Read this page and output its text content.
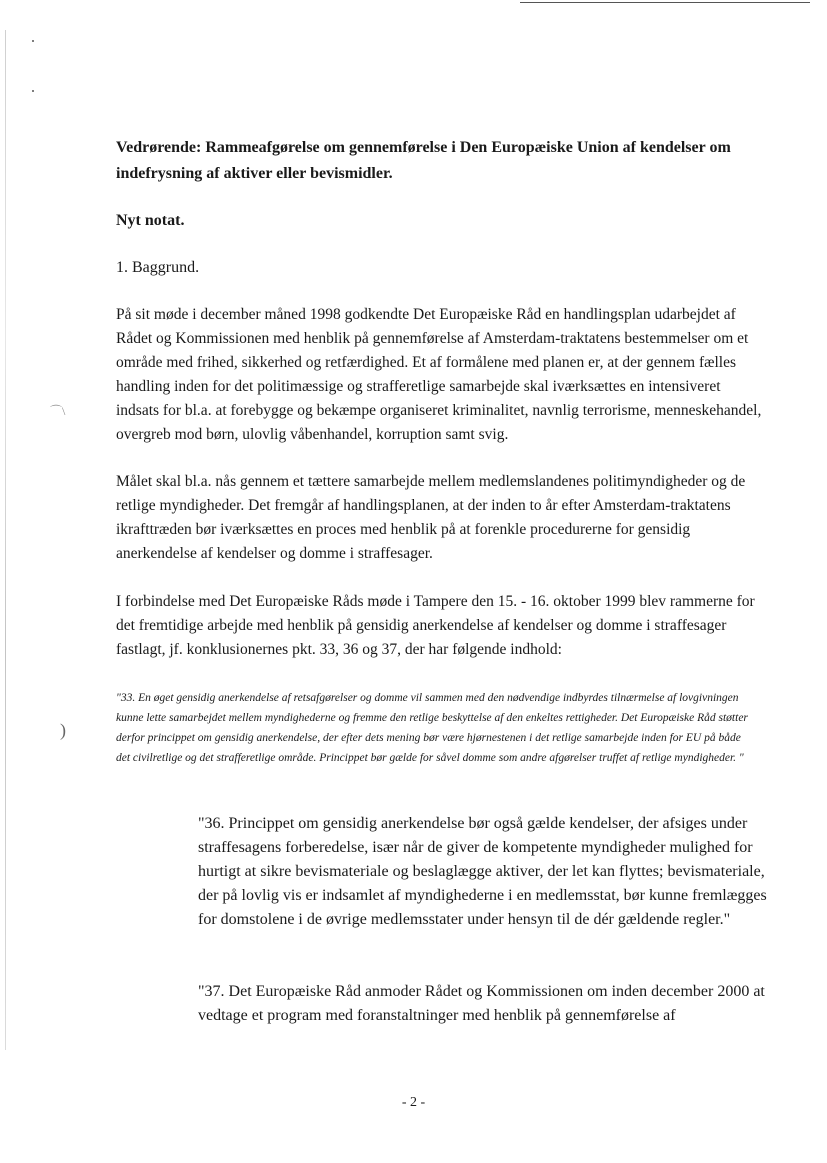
⌒\
)
Vedrørende: Rammeafgørelse om gennemførelse i Den Europæiske Union af kendelser om indefrysning af aktiver eller bevismidler.
Nyt notat.
1. Baggrund.
På sit møde i december måned 1998 godkendte Det Europæiske Råd en handlingsplan udarbejdet af Rådet og Kommissionen med henblik på gennemførelse af Amsterdam-traktatens bestemmelser om et område med frihed, sikkerhed og retfærdighed. Et af formålene med planen er, at der gennem fælles handling inden for det politimæssige og strafferetlige samarbejde skal iværksættes en intensiveret indsats for bl.a. at forebygge og bekæmpe organiseret kriminalitet, navnlig terrorisme, menneskehandel, overgreb mod børn, ulovlig våbenhandel, korruption samt svig.
Målet skal bl.a. nås gennem et tættere samarbejde mellem medlemslandenes politimyndigheder og de retlige myndigheder. Det fremgår af handlingsplanen, at der inden to år efter Amsterdam-traktatens ikrafttræden bør iværksættes en proces med henblik på at forenkle procedurerne for gensidig anerkendelse af kendelser og domme i straffesager.
I forbindelse med Det Europæiske Råds møde i Tampere den 15. - 16. oktober 1999 blev rammerne for det fremtidige arbejde med henblik på gensidig anerkendelse af kendelser og domme i straffesager fastlagt, jf. konklusionernes pkt. 33, 36 og 37, der har følgende indhold:
"33. En øget gensidig anerkendelse af retsafgørelser og domme vil sammen med den nødvendige indbyrdes tilnærmelse af lovgivningen kunne lette samarbejdet mellem myndighederne og fremme den retlige beskyttelse af den enkeltes rettigheder. Det Europæiske Råd støtter derfor princippet om gensidig anerkendelse, der efter dets mening bør være hjørnestenen i det retlige samarbejde inden for EU på både det civilretlige og det strafferetlige område. Princippet bør gælde for såvel domme som andre afgørelser truffet af retlige myndigheder. "
"36. Princippet om gensidig anerkendelse bør også gælde kendelser, der afsiges under straffesagens forberedelse, især når de giver de kompetente myndigheder mulighed for hurtigt at sikre bevismateriale og beslaglægge aktiver, der let kan flyttes; bevismateriale, der på lovlig vis er indsamlet af myndighederne i en medlemsstat, bør kunne fremlægges for domstolene i de øvrige medlemsstater under hensyn til de dér gældende regler."
"37. Det Europæiske Råd anmoder Rådet og Kommissionen om inden december 2000 at vedtage et program med foranstaltninger med henblik på gennemførelse af
- 2 -
